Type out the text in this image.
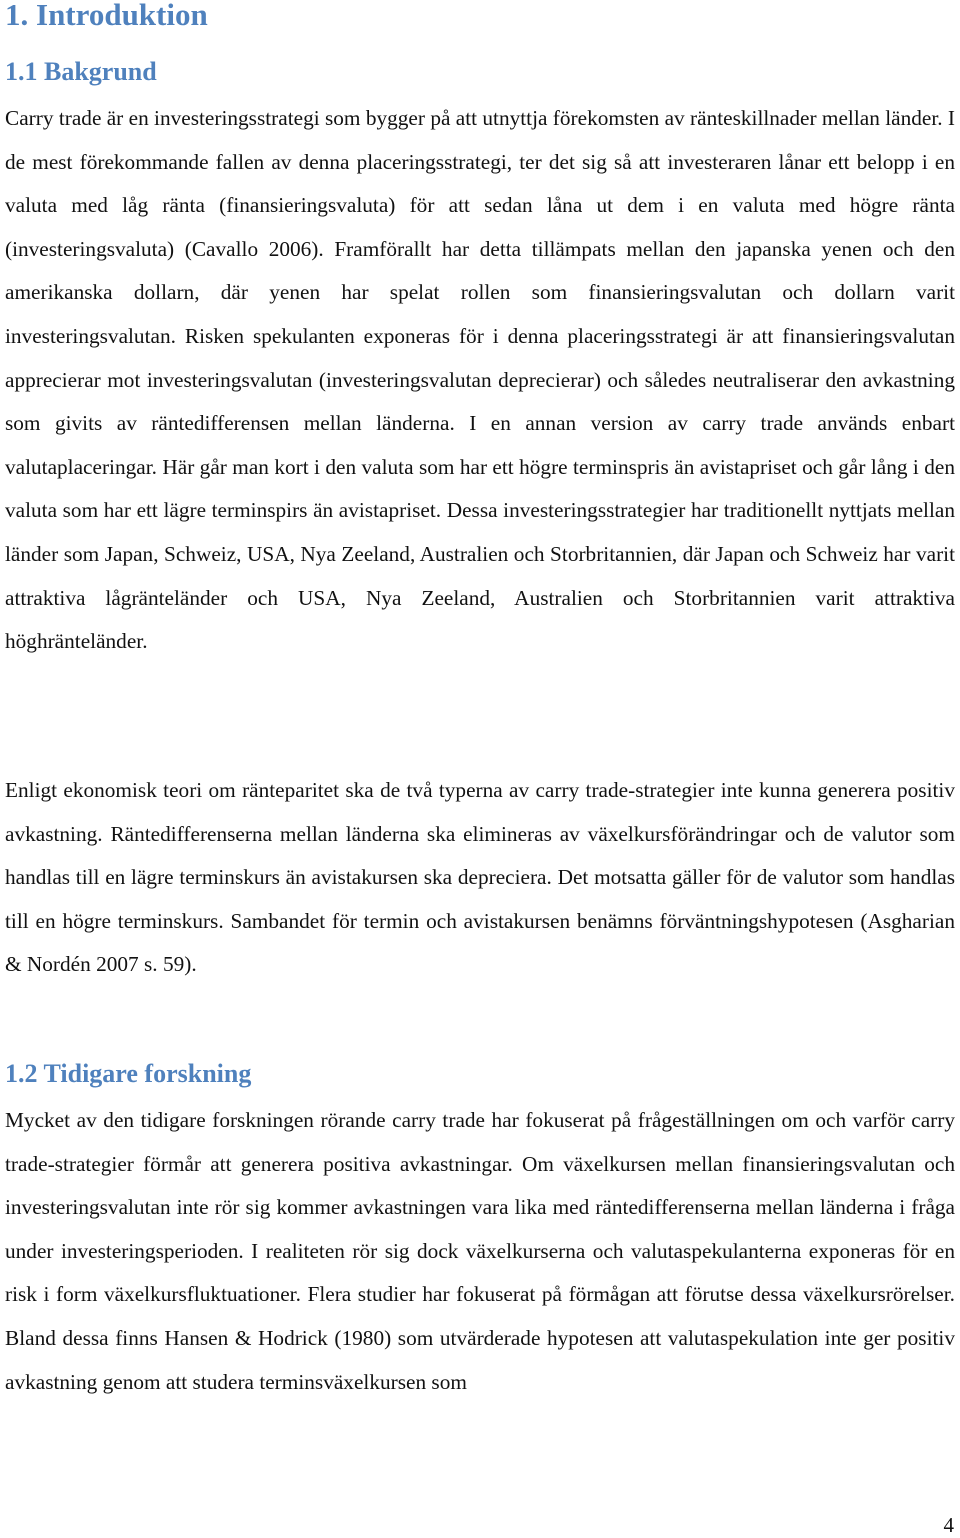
1. Introduktion
1.1 Bakgrund

Carry trade är en investeringsstrategi som bygger på att utnyttja förekomsten av ränteskillnader mellan länder. I de mest förekommande fallen av denna placeringsstrategi, ter det sig så att investeraren lånar ett belopp i en valuta med låg ränta (finansieringsvaluta) för att sedan låna ut dem i en valuta med högre ränta (investeringsvaluta) (Cavallo 2006). Framförallt har detta tillämpats mellan den japanska yenen och den amerikanska dollarn, där yenen har spelat rollen som finansieringsvalutan och dollarn varit investeringsvalutan. Risken spekulanten exponeras för i denna placeringsstrategi är att finansieringsvalutan apprecierar mot investeringsvalutan (investeringsvalutan deprecierar) och således neutraliserar den avkastning som givits av räntedifferensen mellan länderna. I en annan version av carry trade används enbart valutaplaceringar. Här går man kort i den valuta som har ett högre terminspris än avistapriset och går lång i den valuta som har ett lägre terminspirs än avistapriset. Dessa investeringsstrategier har traditionellt nyttjats mellan länder som Japan, Schweiz, USA, Nya Zeeland, Australien och Storbritannien, där Japan och Schweiz har varit attraktiva lågränteländer och USA, Nya Zeeland, Australien och Storbritannien varit attraktiva höghränteländer.

Enligt ekonomisk teori om ränteparitet ska de två typerna av carry trade-strategier inte kunna generera positiv avkastning. Räntedifferenserna mellan länderna ska elimineras av växelkursförändringar och de valutor som handlas till en lägre terminskurs än avistakursen ska depreciera. Det motsatta gäller för de valutor som handlas till en högre terminskurs. Sambandet för termin och avistakursen benämns förväntningshypotesen (Asgharian & Nordén 2007 s. 59).

1.2 Tidigare forskning

Mycket av den tidigare forskningen rörande carry trade har fokuserat på frågeställningen om och varför carry trade-strategier förmår att generera positiva avkastningar. Om växelkursen mellan finansieringsvalutan och investeringsvalutan inte rör sig kommer avkastningen vara lika med räntedifferenserna mellan länderna i fråga under investeringsperioden. I realiteten rör sig dock växelkurserna och valutaspekulanterna exponeras för en risk i form växelkursfluktuationer. Flera studier har fokuserat på förmågan att förutse dessa växelkursrörelser. Bland dessa finns Hansen & Hodrick (1980) som utvärderade hypotesen att valutaspekulation inte ger positiv avkastning genom att studera terminsväxelkursen som

4
